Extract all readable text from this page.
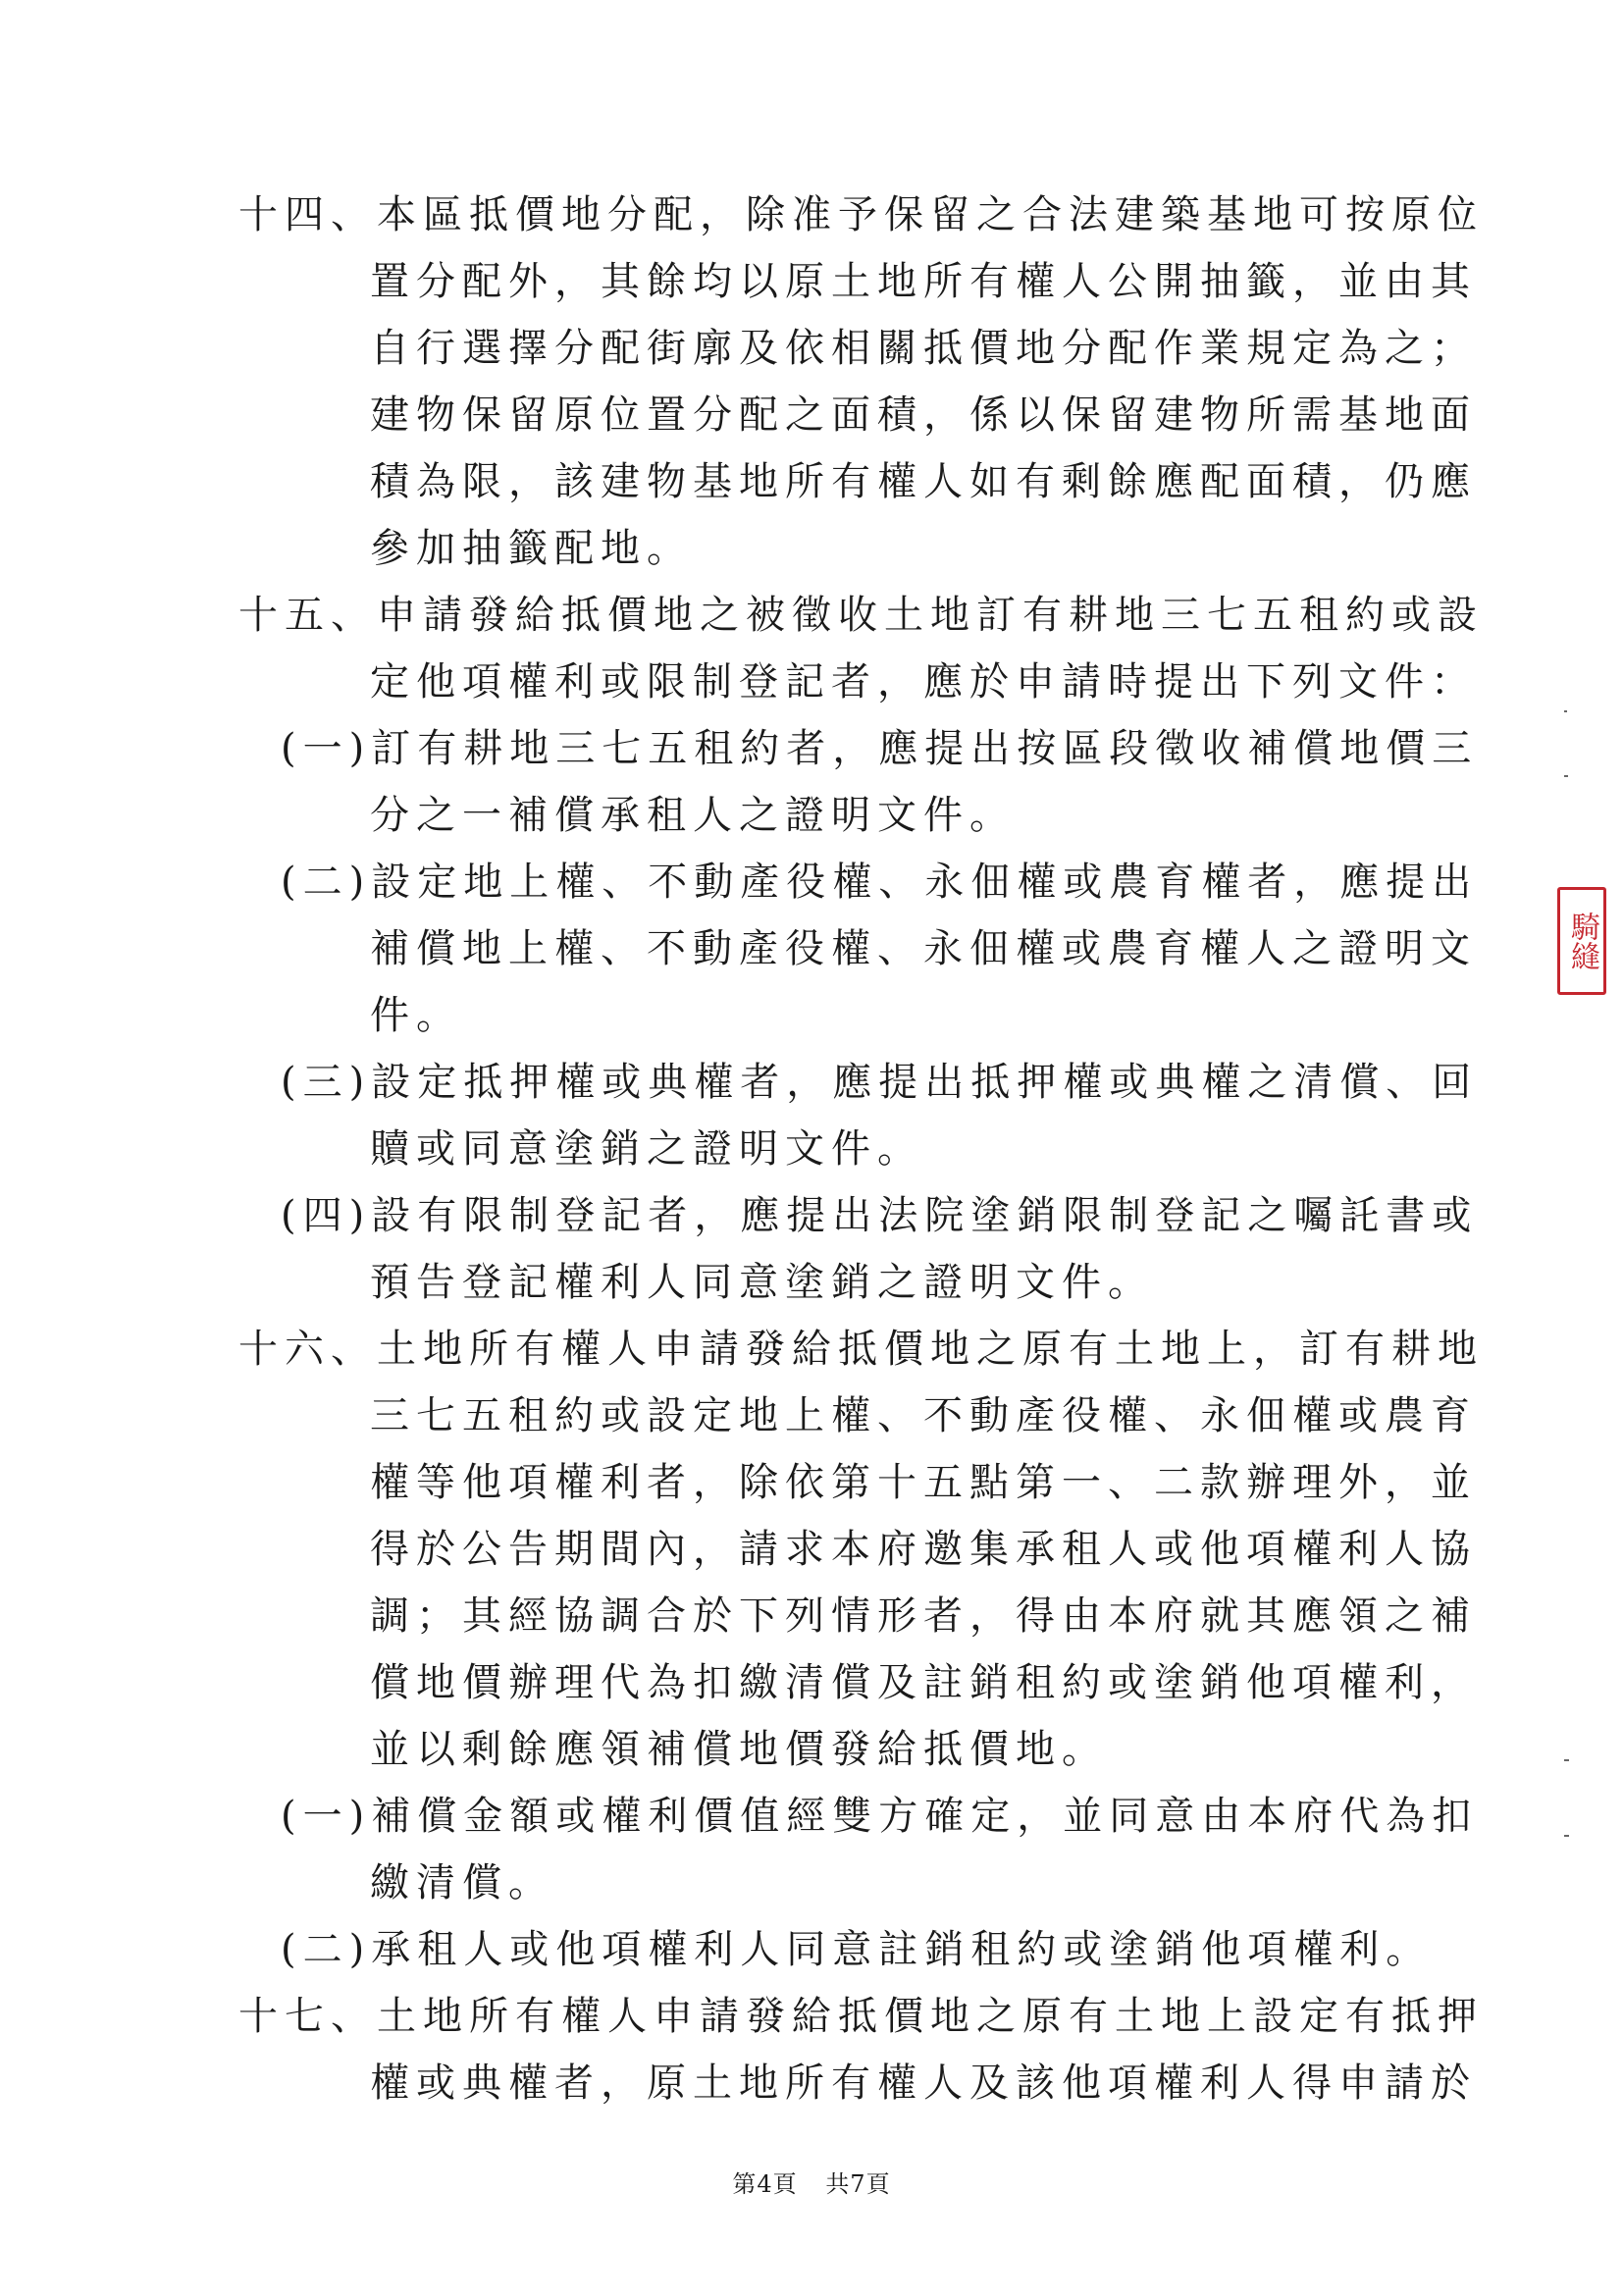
十四、本區抵價地分配，除准予保留之合法建築基地可按原位
置分配外，其餘均以原土地所有權人公開抽籤，並由其
自行選擇分配街廓及依相關抵價地分配作業規定為之；
建物保留原位置分配之面積，係以保留建物所需基地面
積為限，該建物基地所有權人如有剩餘應配面積，仍應
參加抽籤配地。
十五、申請發給抵價地之被徵收土地訂有耕地三七五租約或設
定他項權利或限制登記者，應於申請時提出下列文件：
(一)訂有耕地三七五租約者，應提出按區段徵收補償地價三
分之一補償承租人之證明文件。
(二)設定地上權、不動產役權、永佃權或農育權者，應提出
補償地上權、不動產役權、永佃權或農育權人之證明文
件。
(三)設定抵押權或典權者，應提出抵押權或典權之清償、回
贖或同意塗銷之證明文件。
(四)設有限制登記者，應提出法院塗銷限制登記之囑託書或
預告登記權利人同意塗銷之證明文件。
十六、土地所有權人申請發給抵價地之原有土地上，訂有耕地
三七五租約或設定地上權、不動產役權、永佃權或農育
權等他項權利者，除依第十五點第一、二款辦理外，並
得於公告期間內，請求本府邀集承租人或他項權利人協
調；其經協調合於下列情形者，得由本府就其應領之補
償地價辦理代為扣繳清償及註銷租約或塗銷他項權利，
並以剩餘應領補償地價發給抵價地。
(一)補償金額或權利價值經雙方確定，並同意由本府代為扣
繳清償。
(二)承租人或他項權利人同意註銷租約或塗銷他項權利。
十七、土地所有權人申請發給抵價地之原有土地上設定有抵押
權或典權者，原土地所有權人及該他項權利人得申請於
第4頁 共7頁
騎縫
